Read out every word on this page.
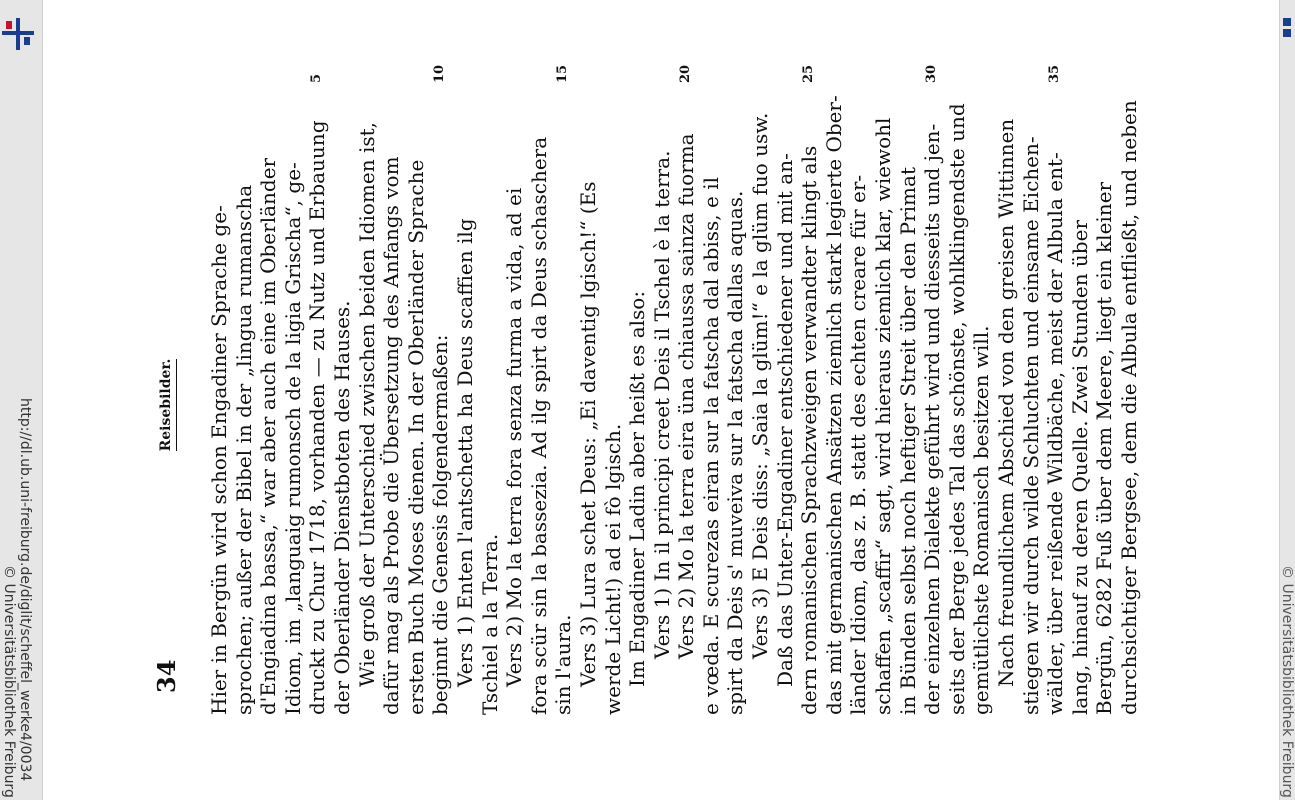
http://dl.ub.uni-freiburg.de/diglit/scheffel_werke4/0034
© Universitätsbibliothek Freiburg	© Universitätsbibliothek Freiburg
34
Reisebilder. Hier in Bergün wird schon Engadiner Sprache ge- sprochen; außer der Bibel in der „lingua rumanscha d'Engiadina bassa,“ war aber auch eine im Oberländer Idiom, im „languaig rumonsch de la ligia Grischa“, ge- druckt zu Chur 1718, vorhanden — zu Nutz und Erbauung
5
der Oberländer Dienstboten des Hauses. Wie groß der Unterschied zwischen beiden Idiomen ist, dafür mag als Probe die Übersetzung des Anfangs vom ersten Buch Moses dienen. In der Oberländer Sprache beginnt die Genesis folgendermaßen:
10
Vers 1) Enten l'antschetta ha Deus scaffien ilg Tschiel a la Terra. Vers 2) Mo la terra fora senza furma a vida, ad ei fora scür sin la bassezia. Ad ilg spirt da Deus schaschera sin l'aura.
15
Vers 3) Lura schet Deus: „Ei daventig lgisch!“ (Es werde Licht!) ad ei fò lgisch. Im Engadiner Ladin aber heißt es also: Vers 1) In il principi creet Deis il Tschel è la terra. Vers 2) Mo la terra eira üna chiaussa sainza fuorma
20
e vœda. E scurezas eiran sur la fatscha dal abiss, e il spirt da Deis s' muveiva sur la fatscha dallas aquas. Vers 3) E Deis diss: „Saia la glüm!“ e la glüm fuo usw. Daß das Unter-Engadiner entschiedener und mit an- dern romanischen Sprachzweigen verwandter klingt als
25
das mit germanischen Ansätzen ziemlich stark legierte Ober- länder Idiom, das z. B. statt des echten creare für er- schaffen „scaffir“ sagt, wird hieraus ziemlich klar, wiewohl in Bünden selbst noch heftiger Streit über den Primat der einzelnen Dialekte geführt wird und diesseits und jen-
30
seits der Berge jedes Tal das schönste, wohlklingendste und gemütlichste Romanisch besitzen will. Nach freundlichem Abschied von den greisen Wittinnen stiegen wir durch wilde Schluchten und einsame Eichen- wälder, über reißende Wildbäche, meist der Albula ent-
35
lang, hinauf zu deren Quelle. Zwei Stunden über Bergün, 6282 Fuß über dem Meere, liegt ein kleiner durchsichtiger Bergsee, dem die Albula entfließt, und neben
